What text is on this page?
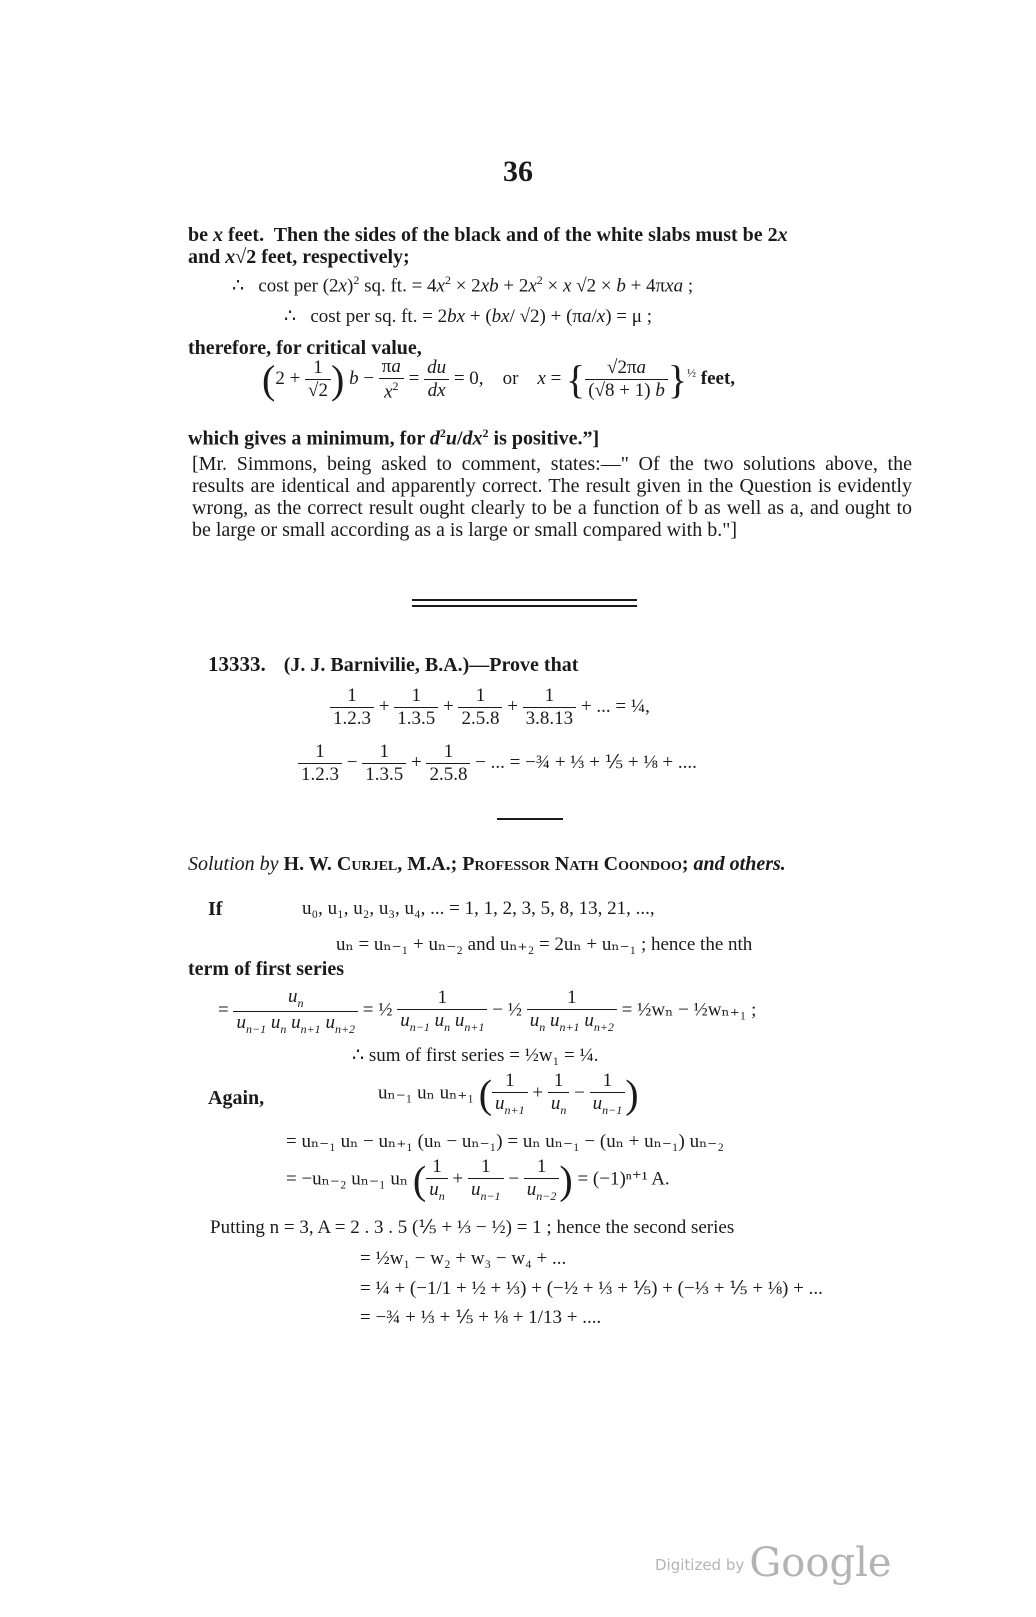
36
be x feet.  Then the sides of the black and of the white slabs must be 2x
and x√2 feet, respectively;
∴   cost per $(2x)^2$ sq. ft. = $4x^2 \times 2xb + 2x^2 \times x$ √2 × b + 4πxa ;
∴   cost per sq. ft. = 2bx + (bx/ √2) + (πa/x) = μ ;
therefore, for critical value,
($2 + \frac{1}{√2}$ ) $b - \frac{\pi a}{x^2} = \frac{du}{dx} = 0$,    or x = { $\frac{√2\pi a}{(√8 + 1) b} \}^{\frac{1}{2}}$ feet,
which gives a minimum, for $d^2u/dx^2$ is positive.”]
[Mr. Simmons, being asked to comment, states:—" Of the two solutions above, the results are identical and apparently correct. The result given in the Question is evidently wrong, as the correct result ought clearly to be a function of b as well as a, and ought to be large or small according as a is large or small compared with b."]
13333. (J. J. Barnivilie, B.A.)—Prove that
$\frac{1}{1.2.3} + \frac{1}{1.3.5} + \frac{1}{2.5.8} + \frac{1}{3.8.13}$ + ... = ¼,
$\frac{1}{1.2.3} - \frac{1}{1.3.5} + \frac{1}{2.5.8}$ − ... = −¾ + ⅓ + ⅕ + ⅛ + ....
Solution by H. W. Curjel, M.A.; Professor Nath Coondoo; and others.
If	u₀, u₁, u₂, u₃, u₄, ... = 1, 1, 2, 3, 5, 8, 13, 21, ...,
uₙ = uₙ₋₁ + uₙ₋₂ and uₙ₊₂ = 2uₙ + uₙ₋₁ ; hence the nth
term of first series
= $\frac{u_n}{u_{n-1} u_n u_{n+1} u_{n+2}}$ = ½ $\frac{1}{u_{n-1} u_n u_{n+1}}$ − ½ $\frac{1}{u_n u_{n+1} u_{n+2}}$ = ½wₙ − ½wₙ₊₁ ;
∴ sum of first series = ½w₁ = ¼.
Again,	uₙ₋₁ uₙ uₙ₊₁ ( $\frac{1}{u_{n+1}} + \frac{1}{u_n} - \frac{1}{u_{n-1}}$ )
= uₙ₋₁ uₙ − uₙ₊₁ (uₙ − uₙ₋₁) = uₙ uₙ₋₁ − (uₙ + uₙ₋₁) uₙ₋₂
= −uₙ₋₂ uₙ₋₁ uₙ ( $\frac{1}{u_n} + \frac{1}{u_{n-1}} - \frac{1}{u_{n-2}}$ ) = (−1)ⁿ⁺¹ A.
Putting n = 3, A = 2 . 3 . 5 (⅕ + ⅓ − ½) = 1 ; hence the second series
= ½w₁ − w₂ + w₃ − w₄ + ...
= ¼ + (−1/1 + ½ + ⅓) + (−½ + ⅓ + ⅕) + (−⅓ + ⅕ + ⅛) + ...
= −¾ + ⅓ + ⅕ + ⅛ + 1/13 + ....
Digitized by Google
